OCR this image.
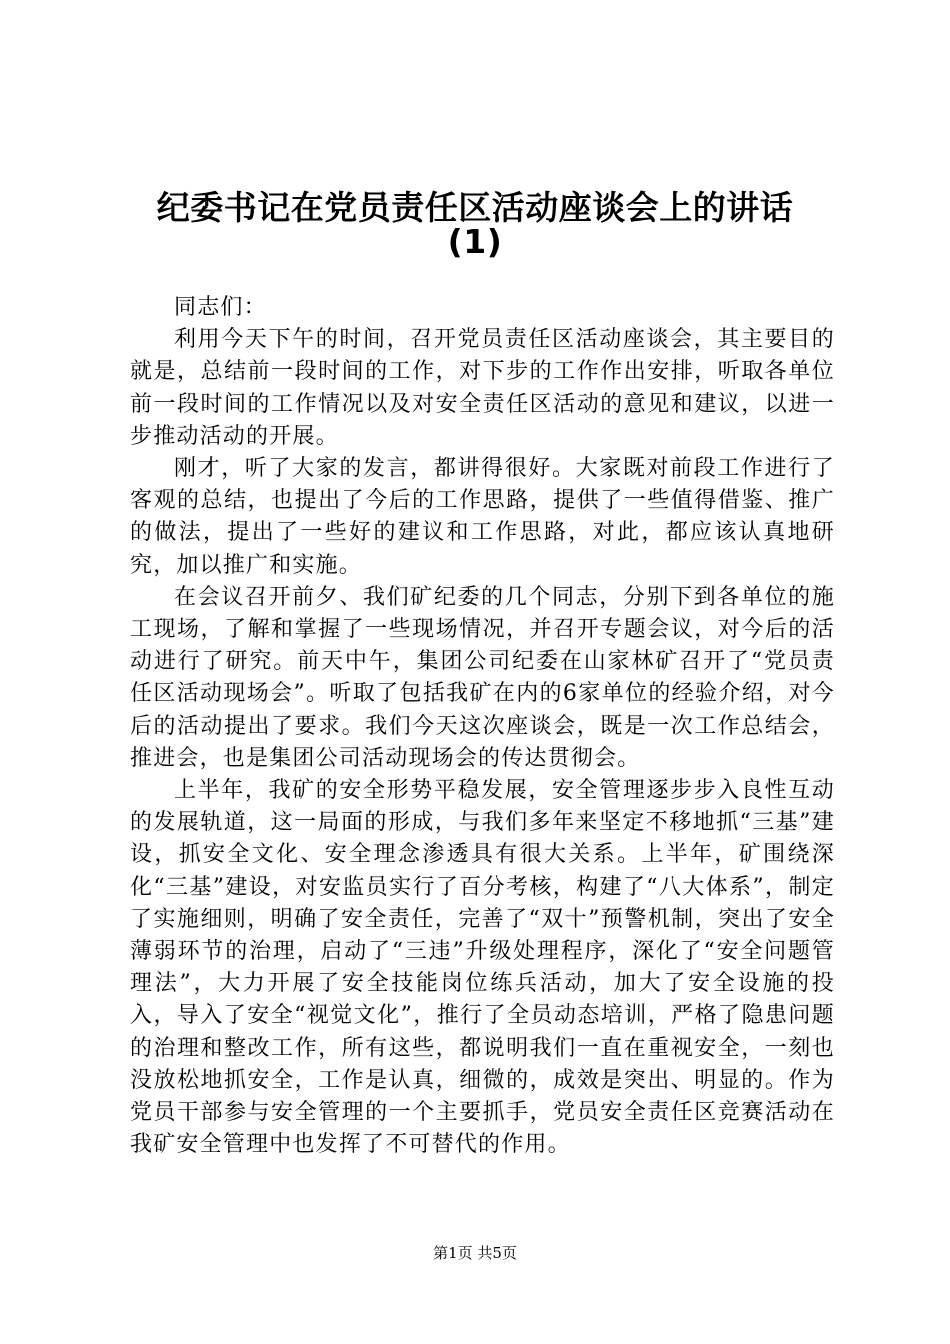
纪委书记在党员责任区活动座谈会上的讲话
(1)

同志们：

利用今天下午的时间，召开党员责任区活动座谈会，其主要目的就是，总结前一段时间的工作，对下步的工作作出安排，听取各单位前一段时间的工作情况以及对安全责任区活动的意见和建议，以进一步推动活动的开展。

刚才，听了大家的发言，都讲得很好。大家既对前段工作进行了客观的总结，也提出了今后的工作思路，提供了一些值得借鉴、推广的做法，提出了一些好的建议和工作思路，对此，都应该认真地研究，加以推广和实施。

在会议召开前夕、我们矿纪委的几个同志，分别下到各单位的施工现场，了解和掌握了一些现场情况，并召开专题会议，对今后的活动进行了研究。前天中午，集团公司纪委在山家林矿召开了“党员责任区活动现场会”。听取了包括我矿在内的6家单位的经验介绍，对今后的活动提出了要求。我们今天这次座谈会，既是一次工作总结会，推进会，也是集团公司活动现场会的传达贯彻会。

上半年，我矿的安全形势平稳发展，安全管理逐步步入良性互动的发展轨道，这一局面的形成，与我们多年来坚定不移地抓“三基”建设，抓安全文化、安全理念渗透具有很大关系。上半年，矿围绕深化“三基”建设，对安监员实行了百分考核，构建了“八大体系”，制定了实施细则，明确了安全责任，完善了“双十”预警机制，突出了安全薄弱环节的治理，启动了“三违”升级处理程序，深化了“安全问题管理法”，大力开展了安全技能岗位练兵活动，加大了安全设施的投入，导入了安全“视觉文化”，推行了全员动态培训，严格了隐患问题的治理和整改工作，所有这些，都说明我们一直在重视安全，一刻也没放松地抓安全，工作是认真，细微的，成效是突出、明显的。作为党员干部参与安全管理的一个主要抓手，党员安全责任区竞赛活动在我矿安全管理中也发挥了不可替代的作用。

第1页 共5页
